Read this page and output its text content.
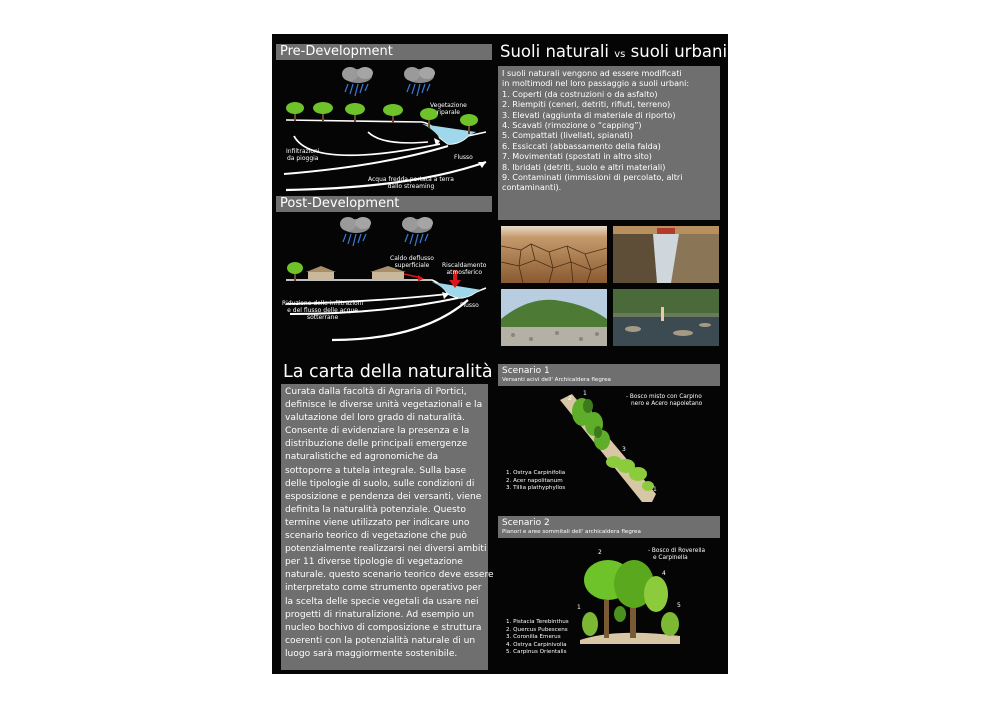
Pre-Development
Vegetazione
riparale
Infiltrazioni
da pioggia	Flusso
Acqua fredda portata a terra
dallo streaming
Post-Development
Caldo deflusso
superficiale	Riscaldamento
atmosferico
Riduzione delle infiltrazioni
e del flusso delle acque
sotterrane
Flusso
Suoli naturali vs suoli urbani
I suoli naturali vengono ad essere modificati
in moltimodi nel loro passaggio a suoli urbani:
1. Coperti (da costruzioni o da asfalto)
2. Riempiti (ceneri, detriti, rifiuti, terreno)
3. Elevati (aggiunta di materiale di riporto)
4. Scavati (rimozione o “capping”)
5. Compattati (livellati, spianati)
6. Essiccati (abbassamento della falda)
7. Movimentati (spostati in altro sito)
8. Ibridati (detriti, suolo e altri materiali)
9. Contaminati (immissioni di percolato, altri
contaminanti).
La carta della naturalità
Curata dalla facoltà di Agraria di Portici,
definisce le diverse unità vegetazionali e la
valutazione del loro grado di naturalità.
Consente di evidenziare la presenza e la
distribuzione delle principali emergenze
naturalistiche ed agronomiche da
sottoporre a tutela integrale. Sulla base
delle tipologie di suolo, sulle condizioni di
esposizione e pendenza dei versanti, viene
definita la naturalità potenziale. Questo
termine viene utilizzato per indicare uno
scenario teorico di vegetazione che può
potenzialmente realizzarsi nei diversi ambiti
per 11 diverse tipologie di vegetazione
naturale. questo scenario teorico deve essere
interpretato come strumento operativo per
la scelta delle specie vegetali da usare nei
progetti di rinaturalizione. Ad esempio un
nucleo bochivo di composizione e struttura
coerenti con la potenzialità naturale di un
luogo sarà maggiormente sostenibile.
Scenario 1
Versanti acivi dell' Archicaldera flegrea
2
1
3
1
- Bosco misto con Carpino
nero e Acero napoletano
1. Ostrya Carpinifolia
2. Acer napolitanum
3. Tillia plathyphyllos
Scenario 2
Pianori e aree sommitali dell' archicaldera flegrea
2
4
5
1
- Bosco di Roverella
e Carpinella
1. Pistacia Terebinthus
2. Quercus Pubescens
3. Coronilla Emerus
4. Ostrya Carpinivolia
5. Carpinus Orientalis
